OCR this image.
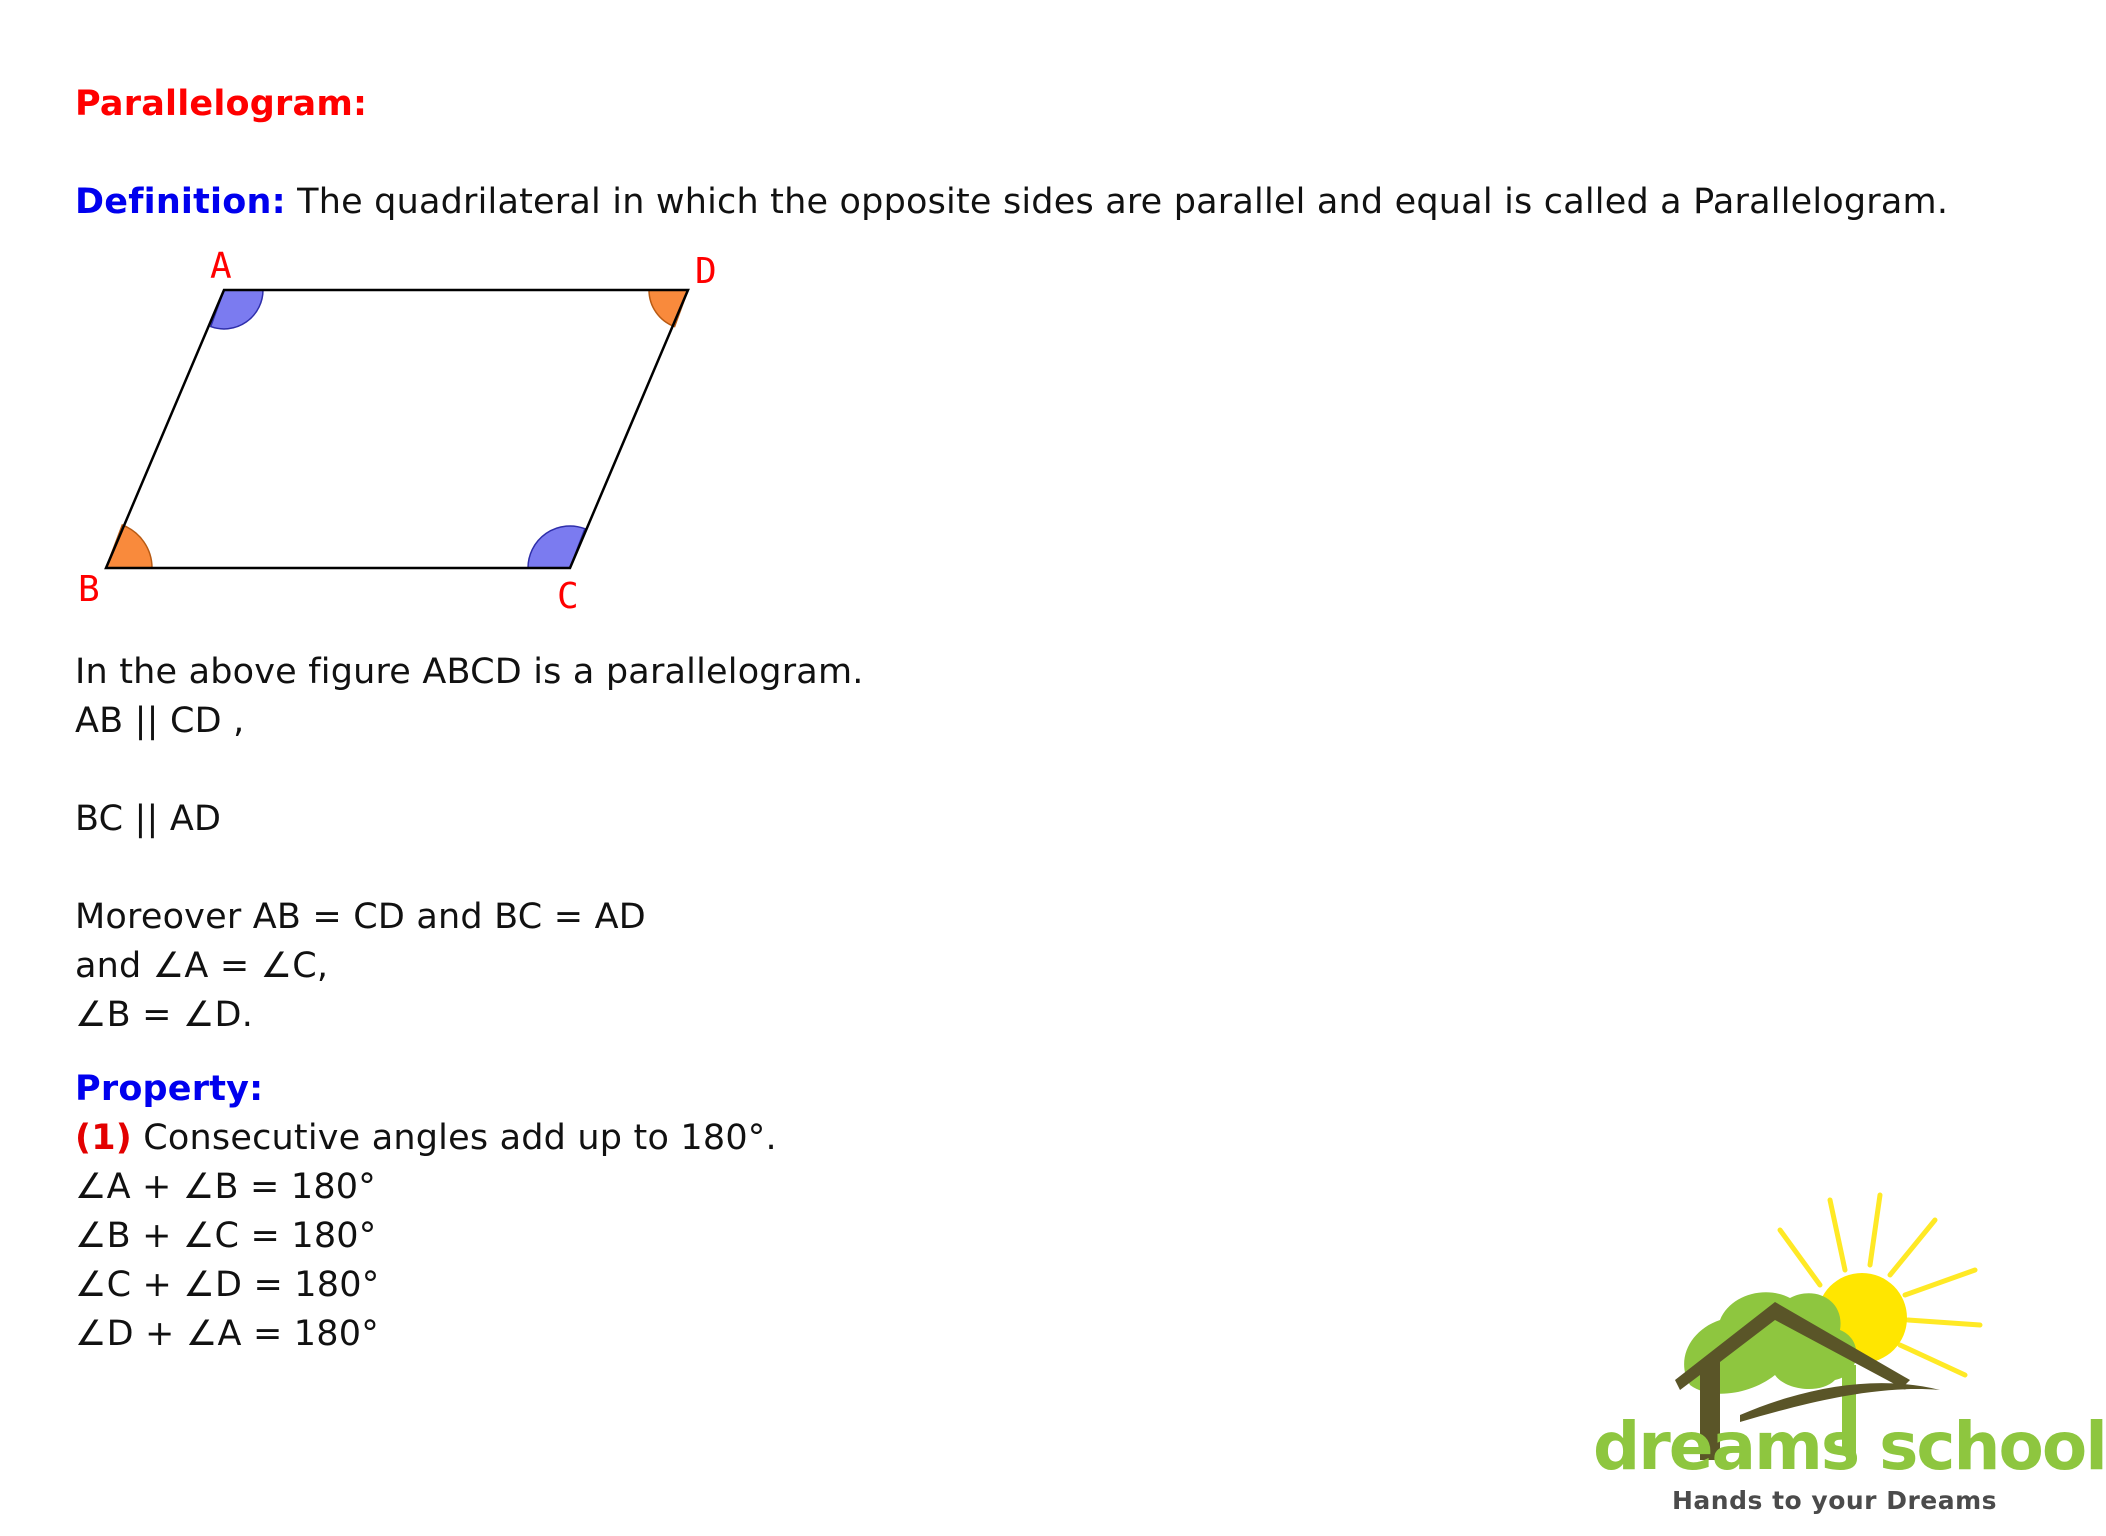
Parallelogram:
Definition: The quadrilateral in which the opposite sides are parallel and equal is called a Parallelogram.
A	D
B	C
In the above figure ABCD is a parallelogram.
AB || CD ,
BC || AD
Moreover AB = CD and BC = AD
and ∠A = ∠C,
∠B = ∠D.
Property:
(1) Consecutive angles add up to 180°.
∠A + ∠B = 180°
∠B + ∠C = 180°
∠C + ∠D = 180°
∠D + ∠A = 180°
dreams school
Hands to your Dreams
